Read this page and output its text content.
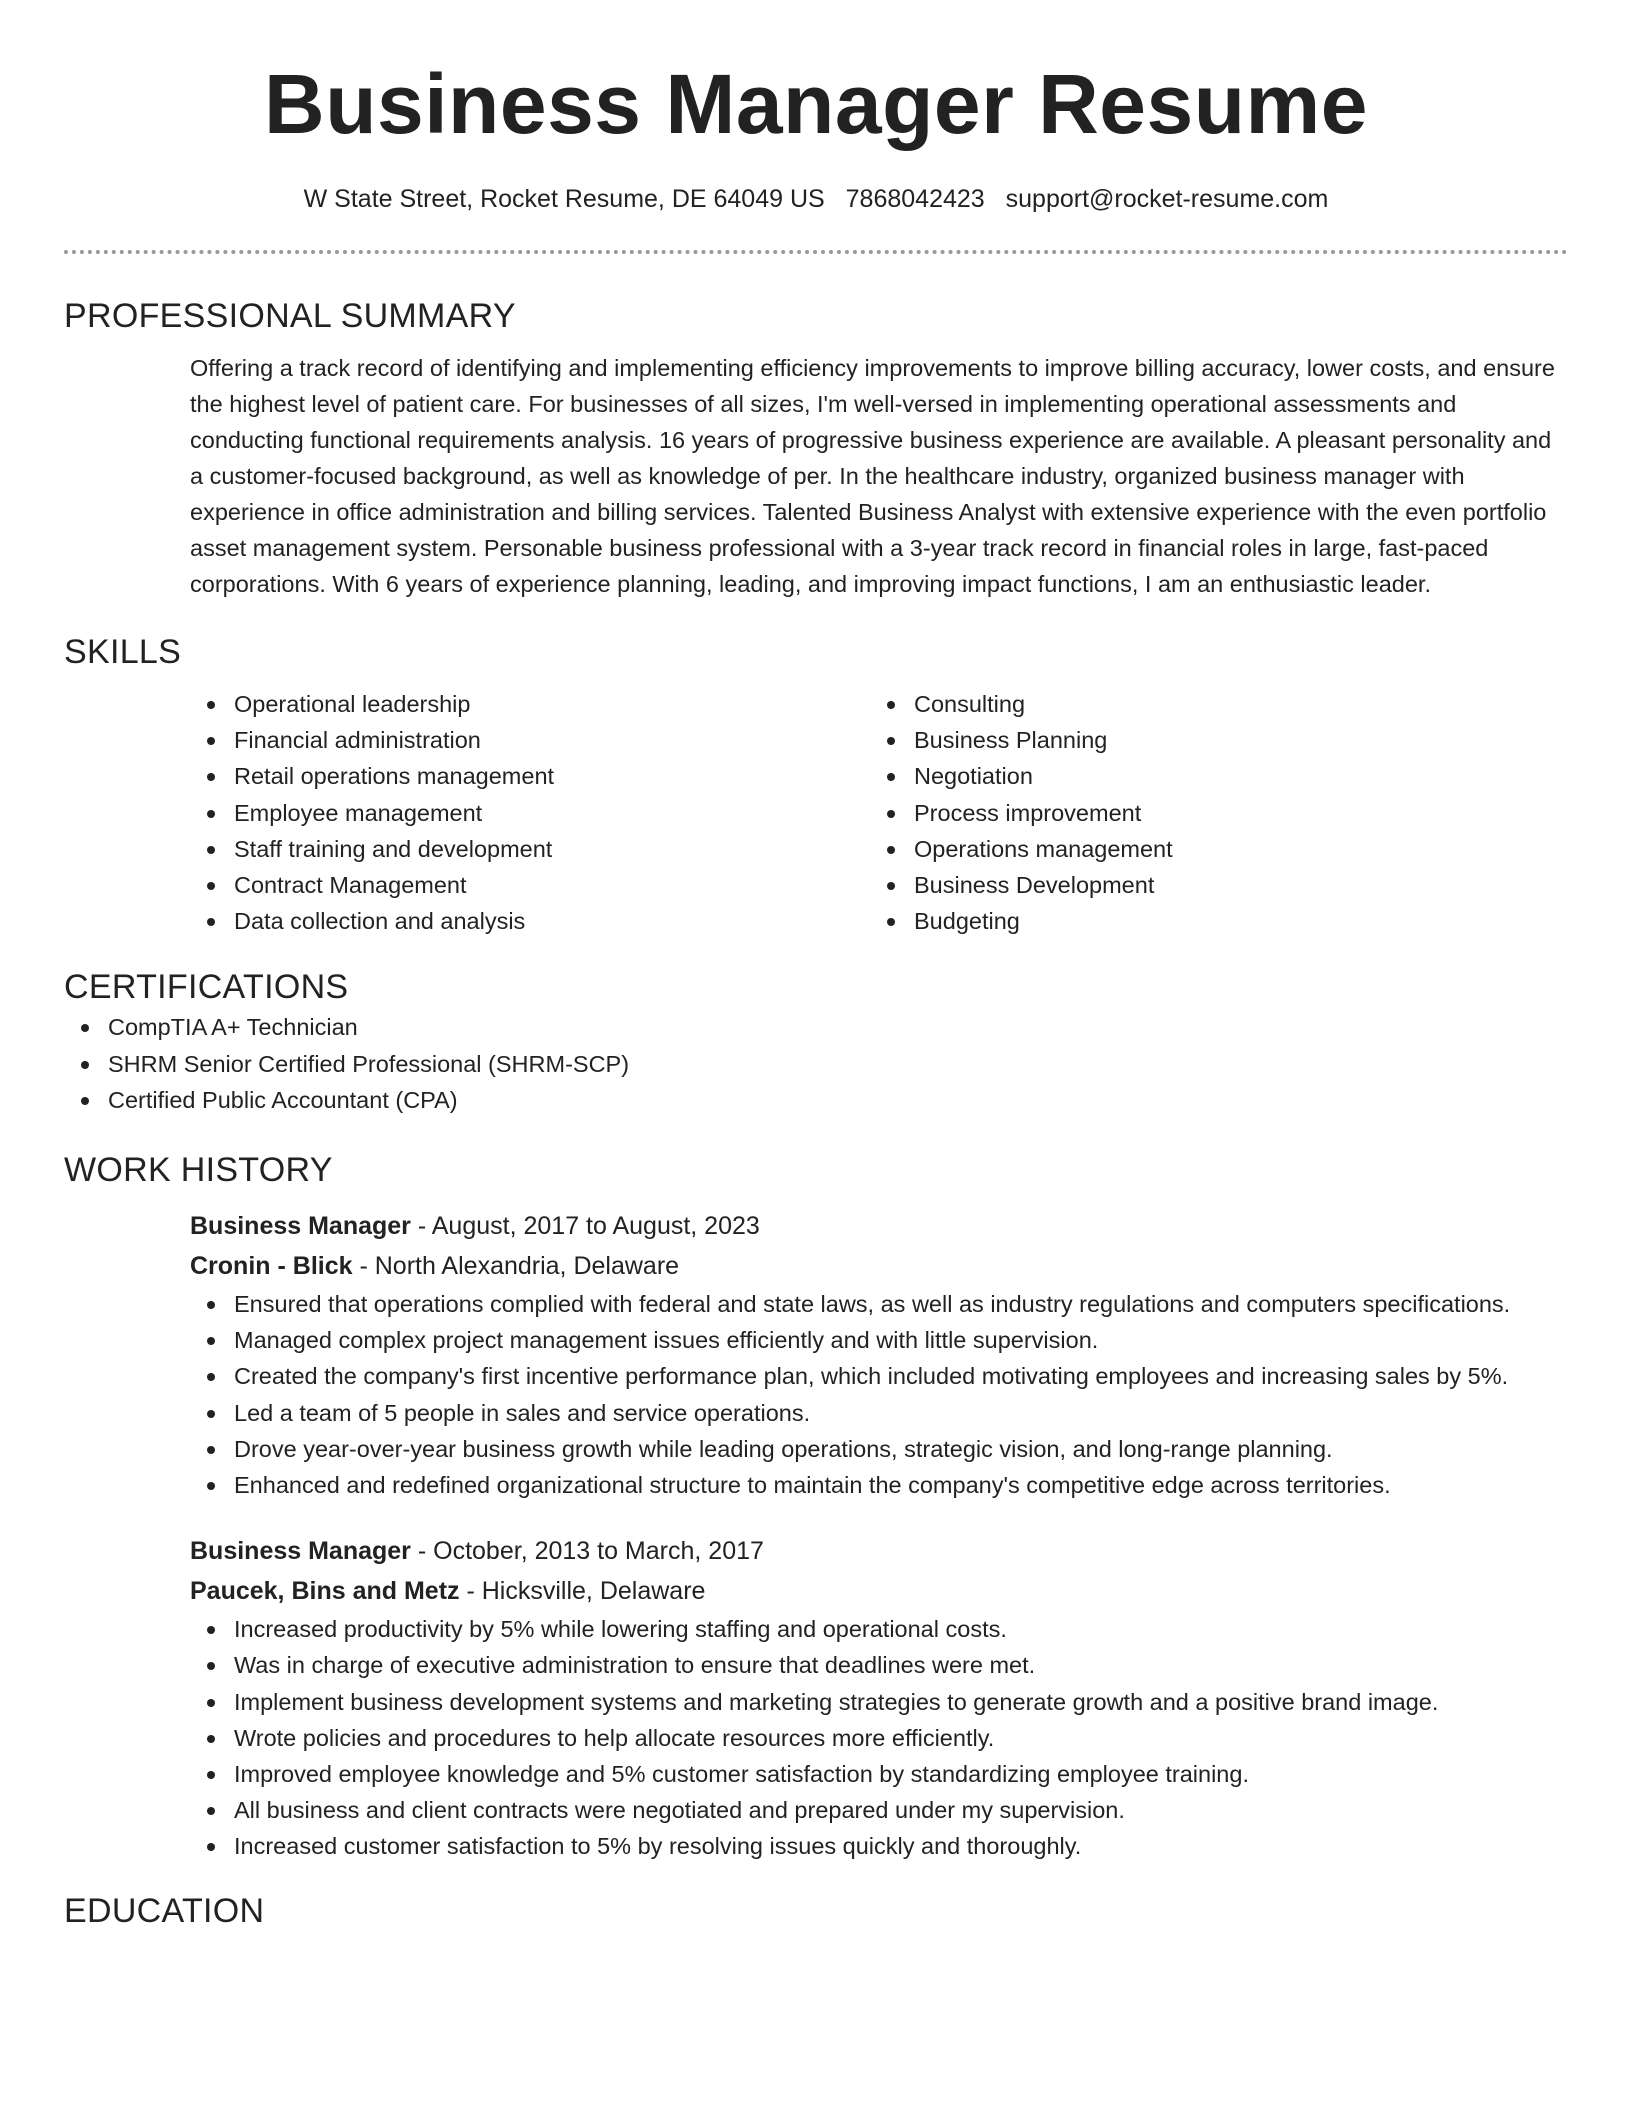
Business Manager Resume
W State Street, Rocket Resume, DE 64049 US 7868042423 support@rocket-resume.com
PROFESSIONAL SUMMARY

Offering a track record of identifying and implementing efficiency improvements to improve billing accuracy, lower costs, and ensure the highest level of patient care. For businesses of all sizes, I'm well-versed in implementing operational assessments and conducting functional requirements analysis. 16 years of progressive business experience are available. A pleasant personality and a customer-focused background, as well as knowledge of per. In the healthcare industry, organized business manager with experience in office administration and billing services. Talented Business Analyst with extensive experience with the even portfolio asset management system. Personable business professional with a 3-year track record in financial roles in large, fast-paced corporations. With 6 years of experience planning, leading, and improving impact functions, I am an enthusiastic leader.

SKILLS
Operational leadership
Financial administration
Retail operations management
Employee management
Staff training and development
Contract Management
Data collection and analysis
Consulting
Business Planning
Negotiation
Process improvement
Operations management
Business Development
Budgeting
CERTIFICATIONS
CompTIA A+ Technician
SHRM Senior Certified Professional (SHRM-SCP)
Certified Public Accountant (CPA)
WORK HISTORY
Business Manager - August, 2017 to August, 2023
Cronin - Blick - North Alexandria, Delaware
Ensured that operations complied with federal and state laws, as well as industry regulations and computers specifications.
Managed complex project management issues efficiently and with little supervision.
Created the company's first incentive performance plan, which included motivating employees and increasing sales by 5%.
Led a team of 5 people in sales and service operations.
Drove year-over-year business growth while leading operations, strategic vision, and long-range planning.
Enhanced and redefined organizational structure to maintain the company's competitive edge across territories.
Business Manager - October, 2013 to March, 2017
Paucek, Bins and Metz - Hicksville, Delaware
Increased productivity by 5% while lowering staffing and operational costs.
Was in charge of executive administration to ensure that deadlines were met.
Implement business development systems and marketing strategies to generate growth and a positive brand image.
Wrote policies and procedures to help allocate resources more efficiently.
Improved employee knowledge and 5% customer satisfaction by standardizing employee training.
All business and client contracts were negotiated and prepared under my supervision.
Increased customer satisfaction to 5% by resolving issues quickly and thoroughly.
EDUCATION
